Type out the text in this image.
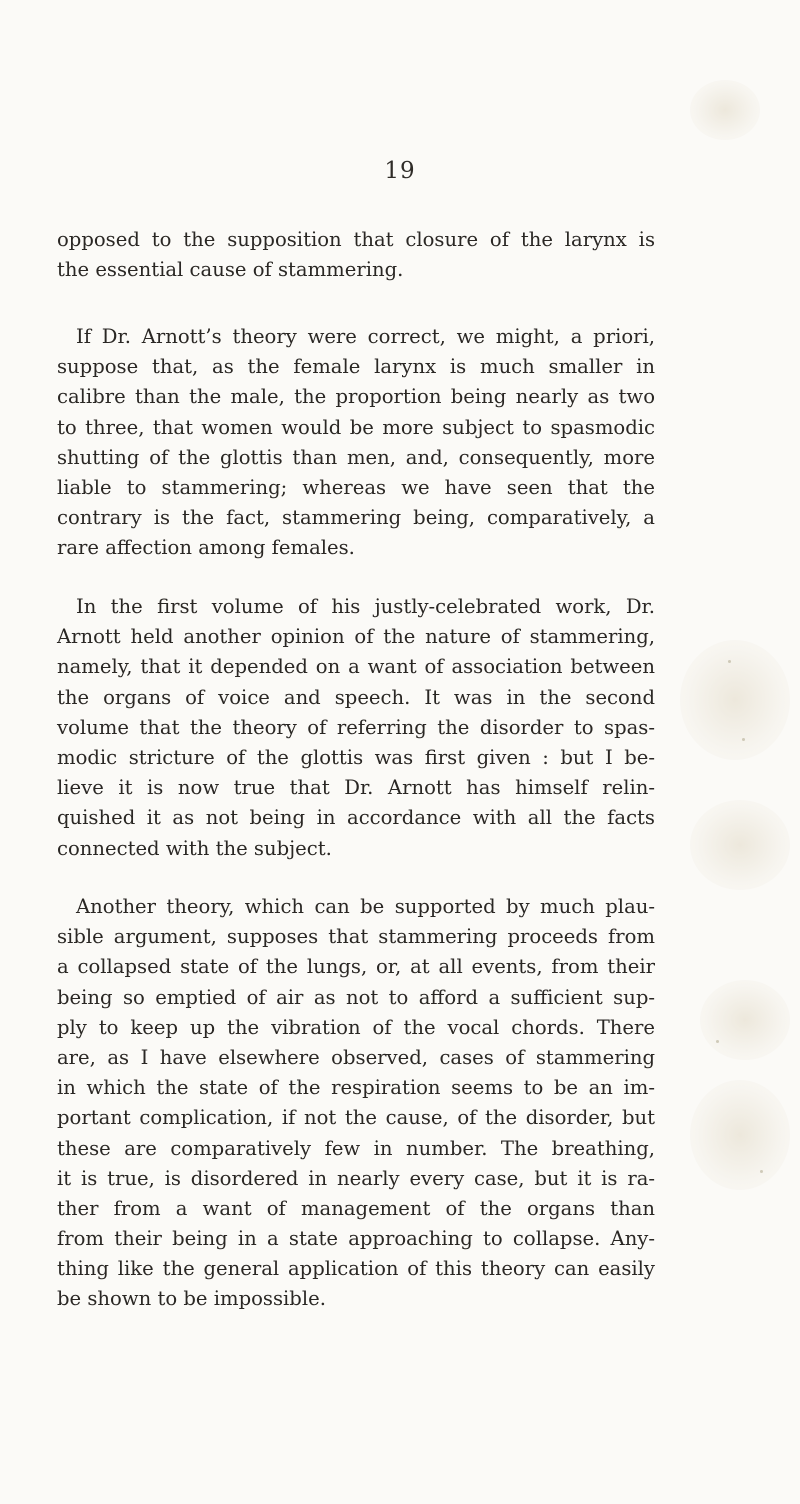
19
opposed to the supposition that closure of the larynx is
the essential cause of stammering.
If Dr. Arnott’s theory were correct, we might, a priori,
suppose that, as the female larynx is much smaller in
calibre than the male, the proportion being nearly as two
to three, that women would be more subject to spasmodic
shutting of the glottis than men, and, consequently, more
liable to stammering; whereas we have seen that the
contrary is the fact, stammering being, comparatively, a
rare affection among females.
In the first volume of his justly-celebrated work, Dr.
Arnott held another opinion of the nature of stammering,
namely, that it depended on a want of association between
the organs of voice and speech. It was in the second
volume that the theory of referring the disorder to spas-
modic stricture of the glottis was first given : but I be-
lieve it is now true that Dr. Arnott has himself relin-
quished it as not being in accordance with all the facts
connected with the subject.
Another theory, which can be supported by much plau-
sible argument, supposes that stammering proceeds from
a collapsed state of the lungs, or, at all events, from their
being so emptied of air as not to afford a sufficient sup-
ply to keep up the vibration of the vocal chords. There
are, as I have elsewhere observed, cases of stammering
in which the state of the respiration seems to be an im-
portant complication, if not the cause, of the disorder, but
these are comparatively few in number. The breathing,
it is true, is disordered in nearly every case, but it is ra-
ther from a want of management of the organs than
from their being in a state approaching to collapse. Any-
thing like the general application of this theory can easily
be shown to be impossible.
